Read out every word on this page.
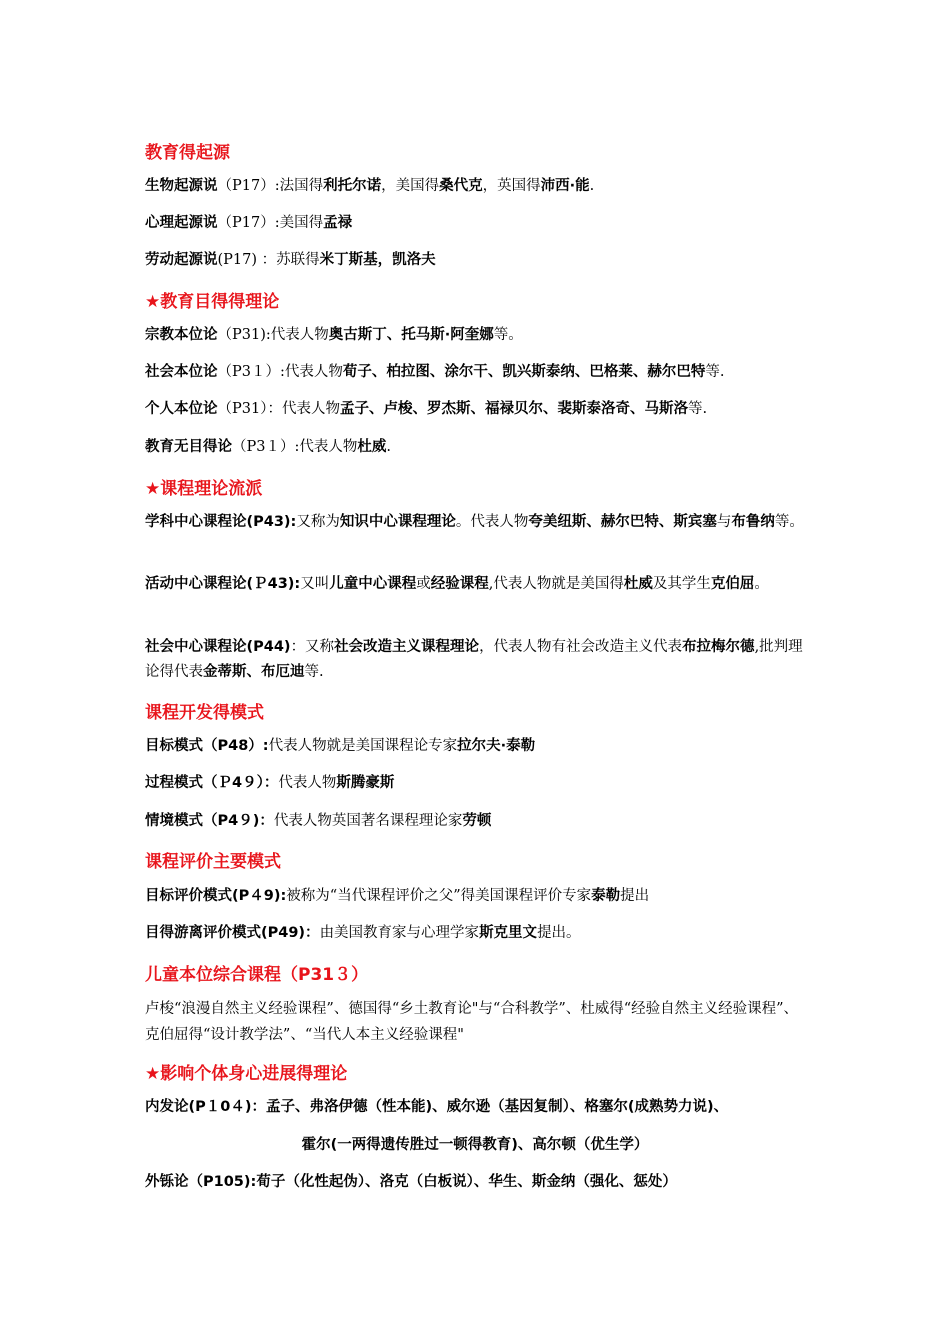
教育得起源
生物起源说（P17）:法国得利托尔诺，美国得桑代克，英国得沛西·能.
心理起源说（P17）:美国得孟禄
劳动起源说(P17) ：苏联得米丁斯基，凯洛夫
★教育目得得理论
宗教本位论（P31):代表人物奥古斯丁、托马斯·阿奎娜等。
社会本位论（P3１）:代表人物荀子、柏拉图、涂尔干、凯兴斯泰纳、巴格莱、赫尔巴特等.
个人本位论（P31）：代表人物孟子、卢梭、罗杰斯、福禄贝尔、裴斯泰洛奇、马斯洛等.
教育无目得论（P3１）:代表人物杜威.
★课程理论流派
学科中心课程论(P43):又称为知识中心课程理论。代表人物夸美纽斯、赫尔巴特、斯宾塞与布鲁纳等。
活动中心课程论(Ｐ43):又叫儿童中心课程或经验课程,代表人物就是美国得杜威及其学生克伯屈。
社会中心课程论(P44)：又称社会改造主义课程理论，代表人物有社会改造主义代表布拉梅尔德,批判理论得代表金蒂斯、布厄迪等.
课程开发得模式
目标模式（P48）:代表人物就是美国课程论专家拉尔夫·泰勒
过程模式（Ｐ4９）：代表人物斯腾豪斯
情境模式（P4９)：代表人物英国著名课程理论家劳顿
课程评价主要模式
目标评价模式(P４9):被称为“当代课程评价之父”得美国课程评价专家泰勒提出
目得游离评价模式(P49)：由美国教育家与心理学家斯克里文提出。
儿童本位综合课程（P31３）
卢梭“浪漫自然主义经验课程”、德国得“乡土教育论"与“合科教学”、杜威得“经验自然主义经验课程”、克伯屈得“设计教学法”、“当代人本主义经验课程"
★影响个体身心进展得理论
内发论(P１0４)：孟子、弗洛伊德（性本能)、威尔逊（基因复制）、格塞尔(成熟势力说)、
霍尔(一两得遗传胜过一顿得教育)、高尔顿（优生学）
外铄论（P105):荀子（化性起伪）、洛克（白板说）、华生、斯金纳（强化、惩处）
